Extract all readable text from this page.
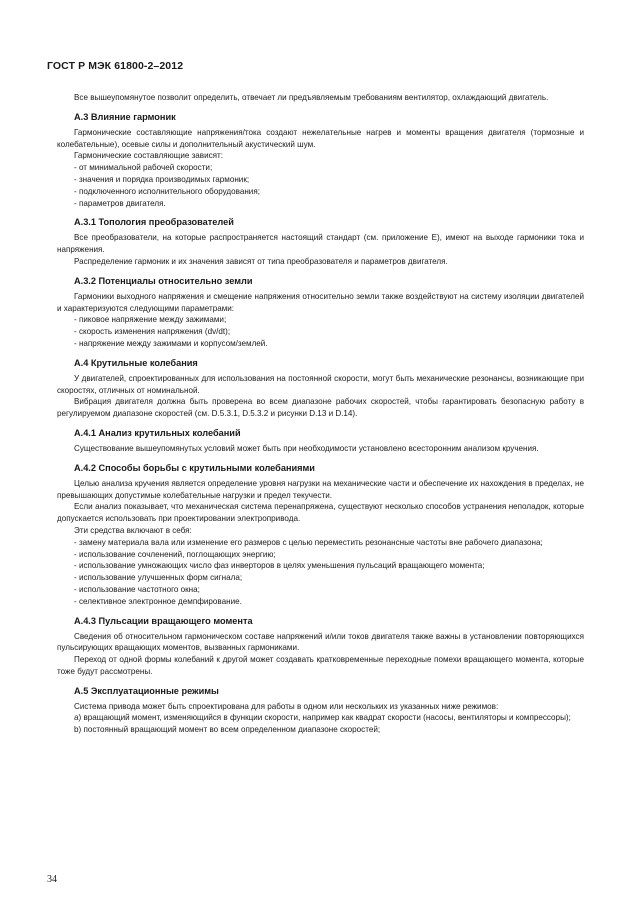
ГОСТ Р МЭК 61800-2–2012

Все вышеупомянутое позволит определить, отвечает ли предъявляемым требованиям вентилятор, охлаждающий двигатель.

А.3 Влияние гармоник

Гармонические составляющие напряжения/тока создают нежелательные нагрев и моменты вращения двигателя (тормозные и колебательные), осевые силы и дополнительный акустический шум.

Гармонические составляющие зависят:

- от минимальной рабочей скорости;

- значения и порядка производимых гармоник;

- подключенного исполнительного оборудования;

- параметров двигателя.

А.3.1 Топология преобразователей

Все преобразователи, на которые распространяется настоящий стандарт (см. приложение Е), имеют на выходе гармоники тока и напряжения.

Распределение гармоник и их значения зависят от типа преобразователя и параметров двигателя.

А.3.2 Потенциалы относительно земли

Гармоники выходного напряжения и смещение напряжения относительно земли также воздействуют на систему изоляции двигателей и характеризуются следующими параметрами:

- пиковое напряжение между зажимами;

- скорость изменения напряжения (dv/dt);

- напряжение между зажимами и корпусом/землей.

А.4 Крутильные колебания

У двигателей, спроектированных для использования на постоянной скорости, могут быть механические резонансы, возникающие при скоростях, отличных от номинальной.

Вибрация двигателя должна быть проверена во всем диапазоне рабочих скоростей, чтобы гарантировать безопасную работу в регулируемом диапазоне скоростей (см. D.5.3.1, D.5.3.2 и рисунки D.13 и D.14).

А.4.1 Анализ крутильных колебаний

Существование вышеупомянутых условий может быть при необходимости установлено всесторонним анализом кручения.

А.4.2 Способы борьбы с крутильными колебаниями

Целью анализа кручения является определение уровня нагрузки на механические части и обеспечение их нахождения в пределах, не превышающих допустимые колебательные нагрузки и предел текучести.

Если анализ показывает, что механическая система перенапряжена, существуют несколько способов устранения неполадок, которые допускается использовать при проектировании электропривода.

Эти средства включают в себя:

- замену материала вала или изменение его размеров с целью переместить резонансные частоты вне рабочего диапазона;

- использование сочленений, поглощающих энергию;

- использование умножающих число фаз инверторов в целях уменьшения пульсаций вращающего момента;

- использование улучшенных форм сигнала;

- использование частотного окна;

- селективное электронное демпфирование.

А.4.3 Пульсации вращающего момента

Сведения об относительном гармоническом составе напряжений и/или токов двигателя также важны в установлении повторяющихся пульсирующих вращающих моментов, вызванных гармониками.

Переход от одной формы колебаний к другой может создавать кратковременные переходные помехи вращающего момента, которые тоже будут рассмотрены.

А.5 Эксплуатационные режимы

Система привода может быть спроектирована для работы в одном или нескольких из указанных ниже режимов:

a) вращающий момент, изменяющийся в функции скорости, например как квадрат скорости (насосы, вентиляторы и компрессоры);

b) постоянный вращающий момент во всем определенном диапазоне скоростей;

34
